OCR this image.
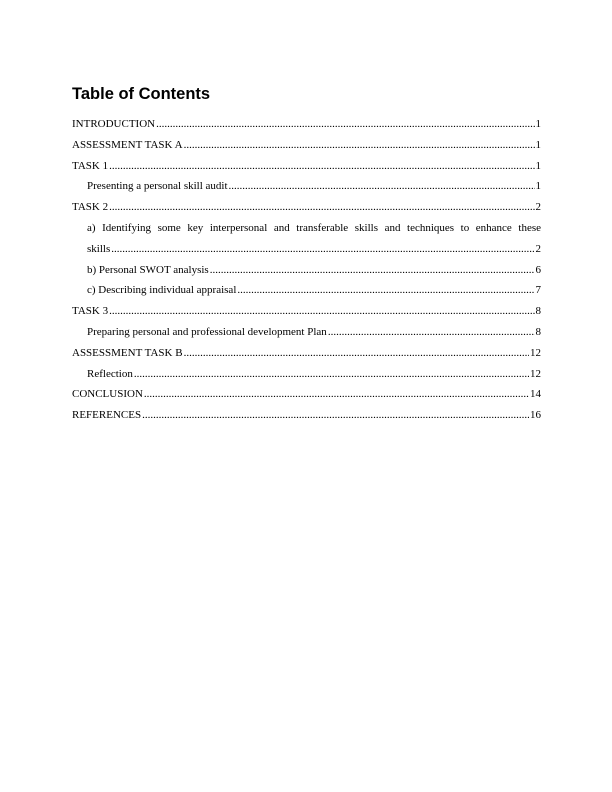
Table of Contents
INTRODUCTION .....	1
ASSESSMENT TASK A .....	1
TASK 1 .....	1
Presenting a personal skill audit .....	1
TASK 2 .....	2
a) Identifying some key interpersonal and transferable skills and techniques to enhance these
skills .....	2
b) Personal SWOT analysis .....	6
c) Describing individual appraisal .....	7
TASK 3 .....	8
Preparing personal and professional development Plan .....	8
ASSESSMENT TASK B .....	12
Reflection .....	12
CONCLUSION .....	14
REFERENCES .....	16
